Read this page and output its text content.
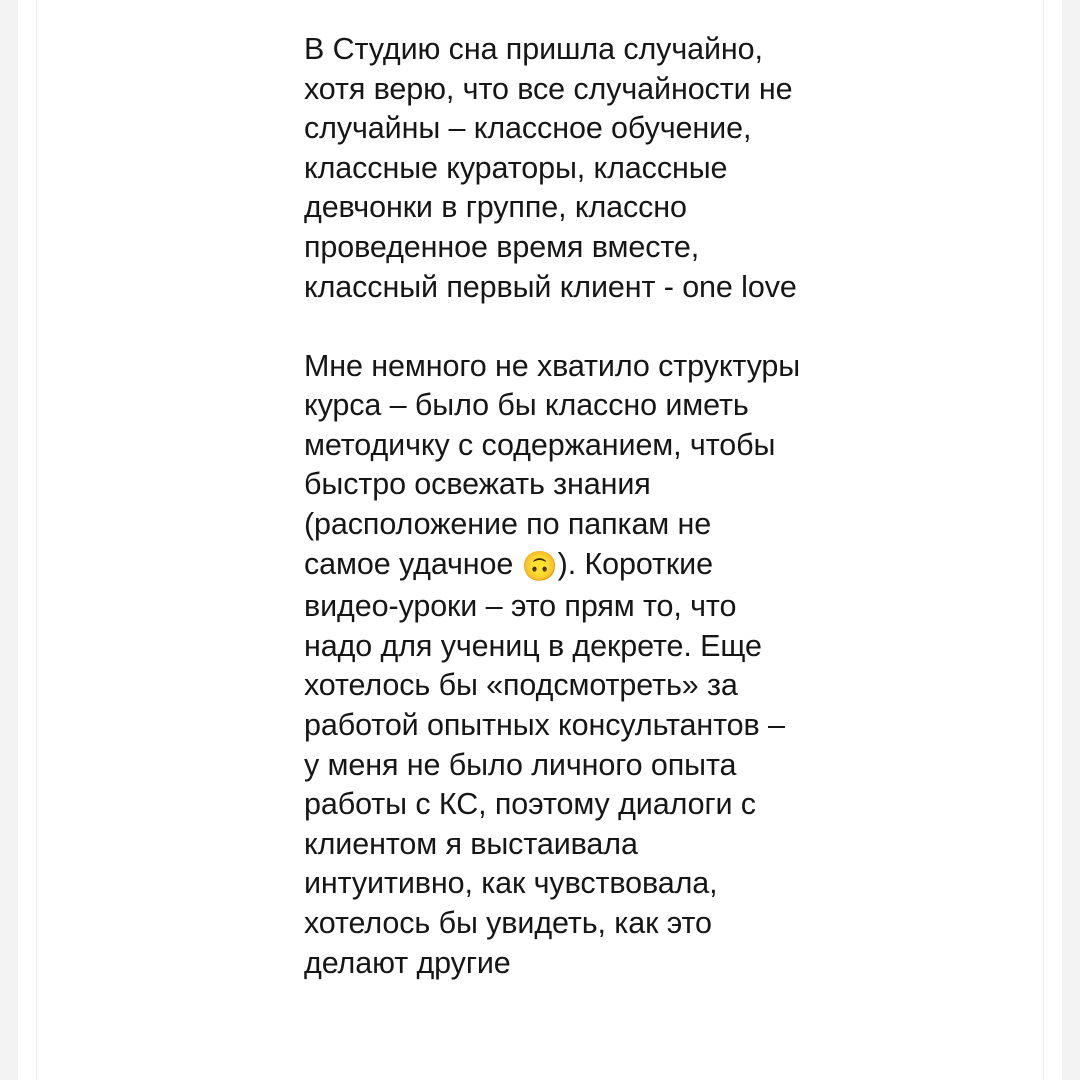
В Студию сна пришла случайно, хотя верю, что все случайности не случайны – классное обучение, классные кураторы, классные девчонки в группе, классно проведенное время вместе, классный первый клиент - one love
Мне немного не хватило структуры курса – было бы классно иметь методичку с содержанием, чтобы быстро освежать знания (расположение по папкам не самое удачное 🙃). Короткие видео-уроки – это прям то, что надо для учениц в декрете. Еще хотелось бы «подсмотреть» за работой опытных консультантов – у меня не было личного опыта работы с КС, поэтому диалоги с клиентом я выстаивала интуитивно, как чувствовала, хотелось бы увидеть, как это делают другие
